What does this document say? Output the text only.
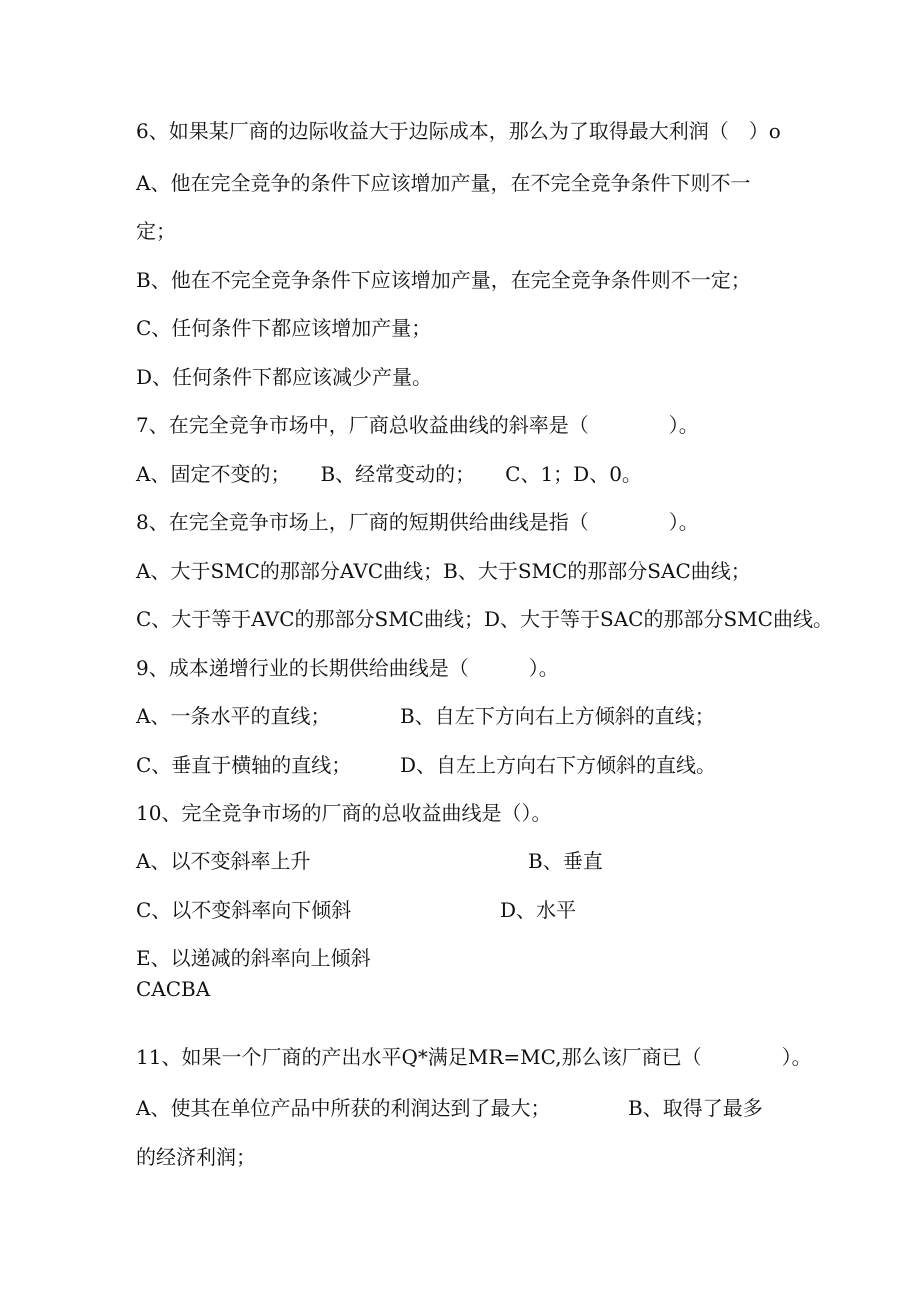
6、如果某厂商的边际收益大于边际成本，那么为了取得最大利润（　）o
A、他在完全竞争的条件下应该增加产量，在不完全竞争条件下则不一
定；
B、他在不完全竞争条件下应该增加产量，在完全竞争条件则不一定；
C、任何条件下都应该增加产量；
D、任何条件下都应该减少产量。
7、在完全竞争市场中，厂商总收益曲线的斜率是（　　　　）。
A、固定不变的；　　B、经常变动的；　　C、1；D、0。
8、在完全竞争市场上，厂商的短期供给曲线是指（　　　　）。
A、大于SMC的那部分AVC曲线；B、大于SMC的那部分SAC曲线；
C、大于等于AVC的那部分SMC曲线；D、大于等于SAC的那部分SMC曲线。
9、成本递增行业的长期供给曲线是（　　　）。
A、一条水平的直线；	B、自左下方向右上方倾斜的直线；
C、垂直于横轴的直线； D、自左上方向右下方倾斜的直线。
10、完全竞争市场的厂商的总收益曲线是（）。
A、以不变斜率上升	B、垂直
C、以不变斜率向下倾斜	D、水平
E、以递减的斜率向上倾斜
CACBA
11、如果一个厂商的产出水平Q*满足MR=MC,那么该厂商已（　　　　）。
A、使其在单位产品中所获的利润达到了最大；	B、取得了最多
的经济利润；
